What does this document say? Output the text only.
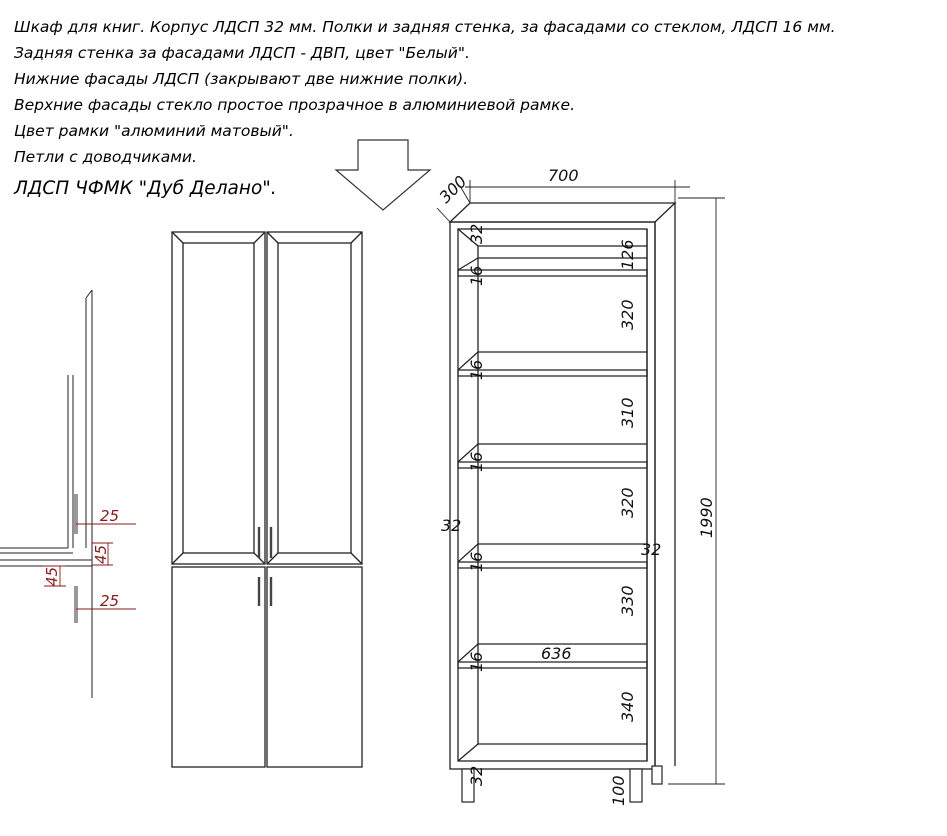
Шкаф для книг. Корпус ЛДСП 32 мм. Полки и задняя стенка, за фасадами со стеклом, ЛДСП 16 мм.
Задняя стенка за фасадами ЛДСП - ДВП, цвет "Белый".
Нижние фасады ЛДСП (закрывают две нижние полки).
Верхние фасады стекло простое прозрачное в алюминиевой рамке.
Цвет рамки "алюминий матовый".
Петли с доводчиками.
ЛДСП ЧФМК "Дуб Делано".
25
25
45
45
700
300
1990
636
32
32
32
32
16
16
16
16
16
126
320
310
320
330
340
100
